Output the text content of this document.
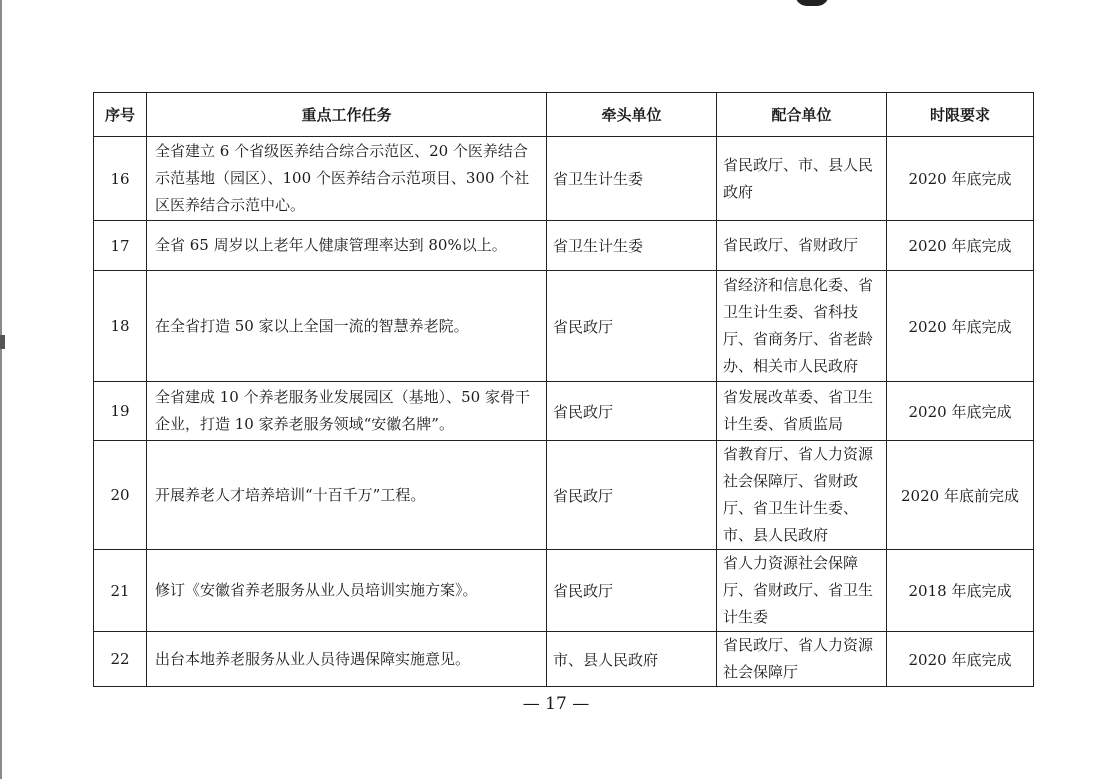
序号	重点工作任务	牵头单位	配合单位	时限要求
16	全省建立 6 个省级医养结合综合示范区、20 个医养结合示范基地（园区）、100 个医养结合示范项目、300 个社区医养结合示范中心。	省卫生计生委	省民政厅、市、县人民政府	2020 年底完成
17	全省 65 周岁以上老年人健康管理率达到 80%以上。	省卫生计生委	省民政厅、省财政厅	2020 年底完成
18	在全省打造 50 家以上全国一流的智慧养老院。	省民政厅	省经济和信息化委、省卫生计生委、省科技厅、省商务厅、省老龄办、相关市人民政府	2020 年底完成
19	全省建成 10 个养老服务业发展园区（基地）、50 家骨干企业，打造 10 家养老服务领域“安徽名牌”。	省民政厅	省发展改革委、省卫生计生委、省质监局	2020 年底完成
20	开展养老人才培养培训“十百千万”工程。	省民政厅	省教育厅、省人力资源社会保障厅、省财政厅、省卫生计生委、市、县人民政府	2020 年底前完成
21	修订《安徽省养老服务从业人员培训实施方案》。	省民政厅	省人力资源社会保障厅、省财政厅、省卫生计生委	2018 年底完成
22	出台本地养老服务从业人员待遇保障实施意见。	市、县人民政府	省民政厅、省人力资源社会保障厅	2020 年底完成
— 17 —
